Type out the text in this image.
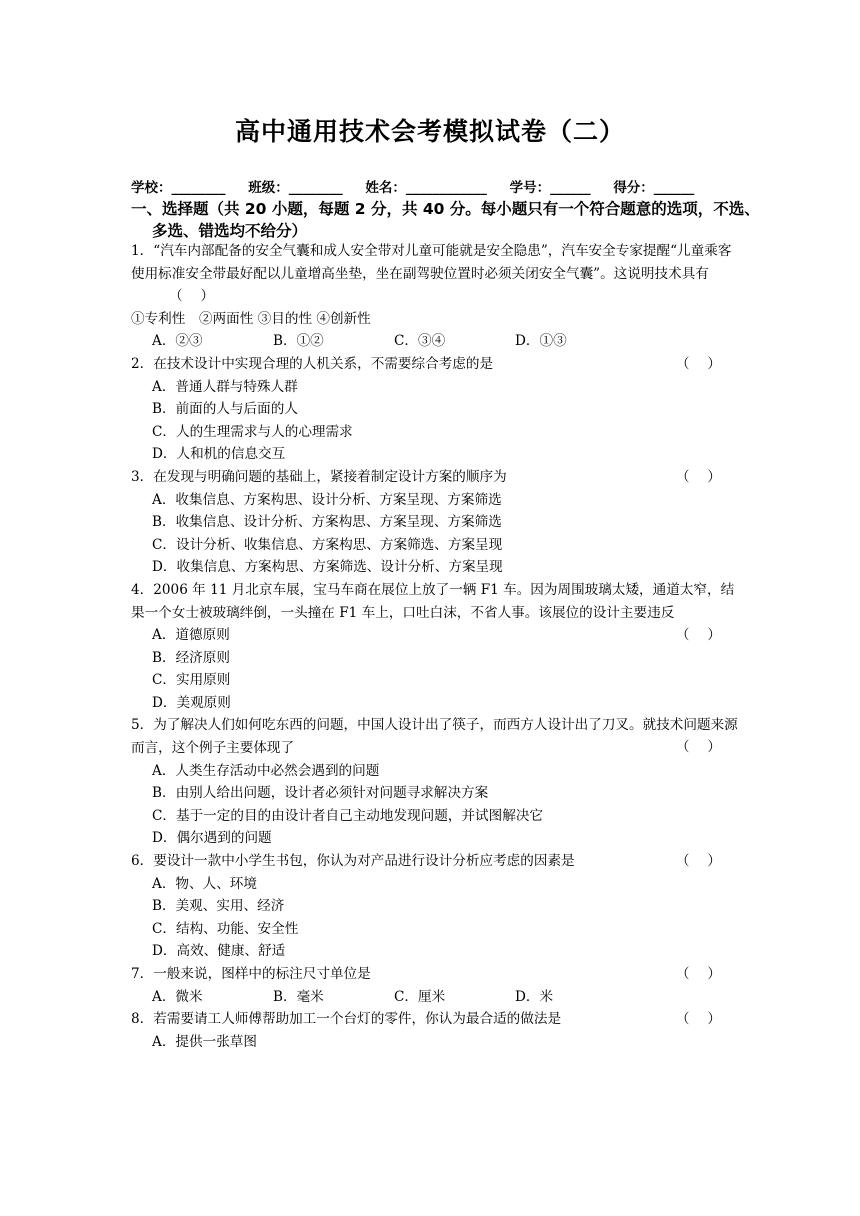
高中通用技术会考模拟试卷（二）
学校：________ 班级：________ 姓名：____________ 学号：______ 得分：______
一、选择题（共 20 小题，每题 2 分，共 40 分。每小题只有一个符合题意的选项，不选、多选、错选均不给分）
1．“汽车内部配备的安全气囊和成人安全带对儿童可能就是安全隐患”，汽车安全专家提醒“儿童乘客使用标准安全带最好配以儿童增高坐垫，坐在副驾驶位置时必须关闭安全气囊”。这说明技术具有
（　 ）
①专利性　②两面性 ③目的性 ④创新性
A．②③	B．①②	C．③④	D．①③
（　 ）
2．在技术设计中实现合理的人机关系，不需要综合考虑的是
A．普通人群与特殊人群
B．前面的人与后面的人
C．人的生理需求与人的心理需求
D．人和机的信息交互
（　 ）
3．在发现与明确问题的基础上，紧接着制定设计方案的顺序为
A．收集信息、方案构思、设计分析、方案呈现、方案筛选
B．收集信息、设计分析、方案构思、方案呈现、方案筛选
C．设计分析、收集信息、方案构思、方案筛选、方案呈现
D．收集信息、方案构思、方案筛选、设计分析、方案呈现
（　 ）
4．2006 年 11 月北京车展，宝马车商在展位上放了一辆 F1 车。因为周围玻璃太矮，通道太窄，结果一个女士被玻璃绊倒，一头撞在 F1 车上，口吐白沫，不省人事。该展位的设计主要违反
A．道德原则
B．经济原则
C．实用原则
D．美观原则
（　 ）
5．为了解决人们如何吃东西的问题，中国人设计出了筷子，而西方人设计出了刀叉。就技术问题来源而言，这个例子主要体现了
A．人类生存活动中必然会遇到的问题
B．由别人给出问题，设计者必须针对问题寻求解决方案
C．基于一定的目的由设计者自己主动地发现问题，并试图解决它
D．偶尔遇到的问题
（　 ）
6．要设计一款中小学生书包，你认为对产品进行设计分析应考虑的因素是
A．物、人、环境
B．美观、实用、经济
C．结构、功能、安全性
D．高效、健康、舒适
（　 ）
7．一般来说，图样中的标注尺寸单位是
A．微米	B．毫米	C．厘米	D．米
（　 ）
8．若需要请工人师傅帮助加工一个台灯的零件，你认为最合适的做法是
A．提供一张草图
